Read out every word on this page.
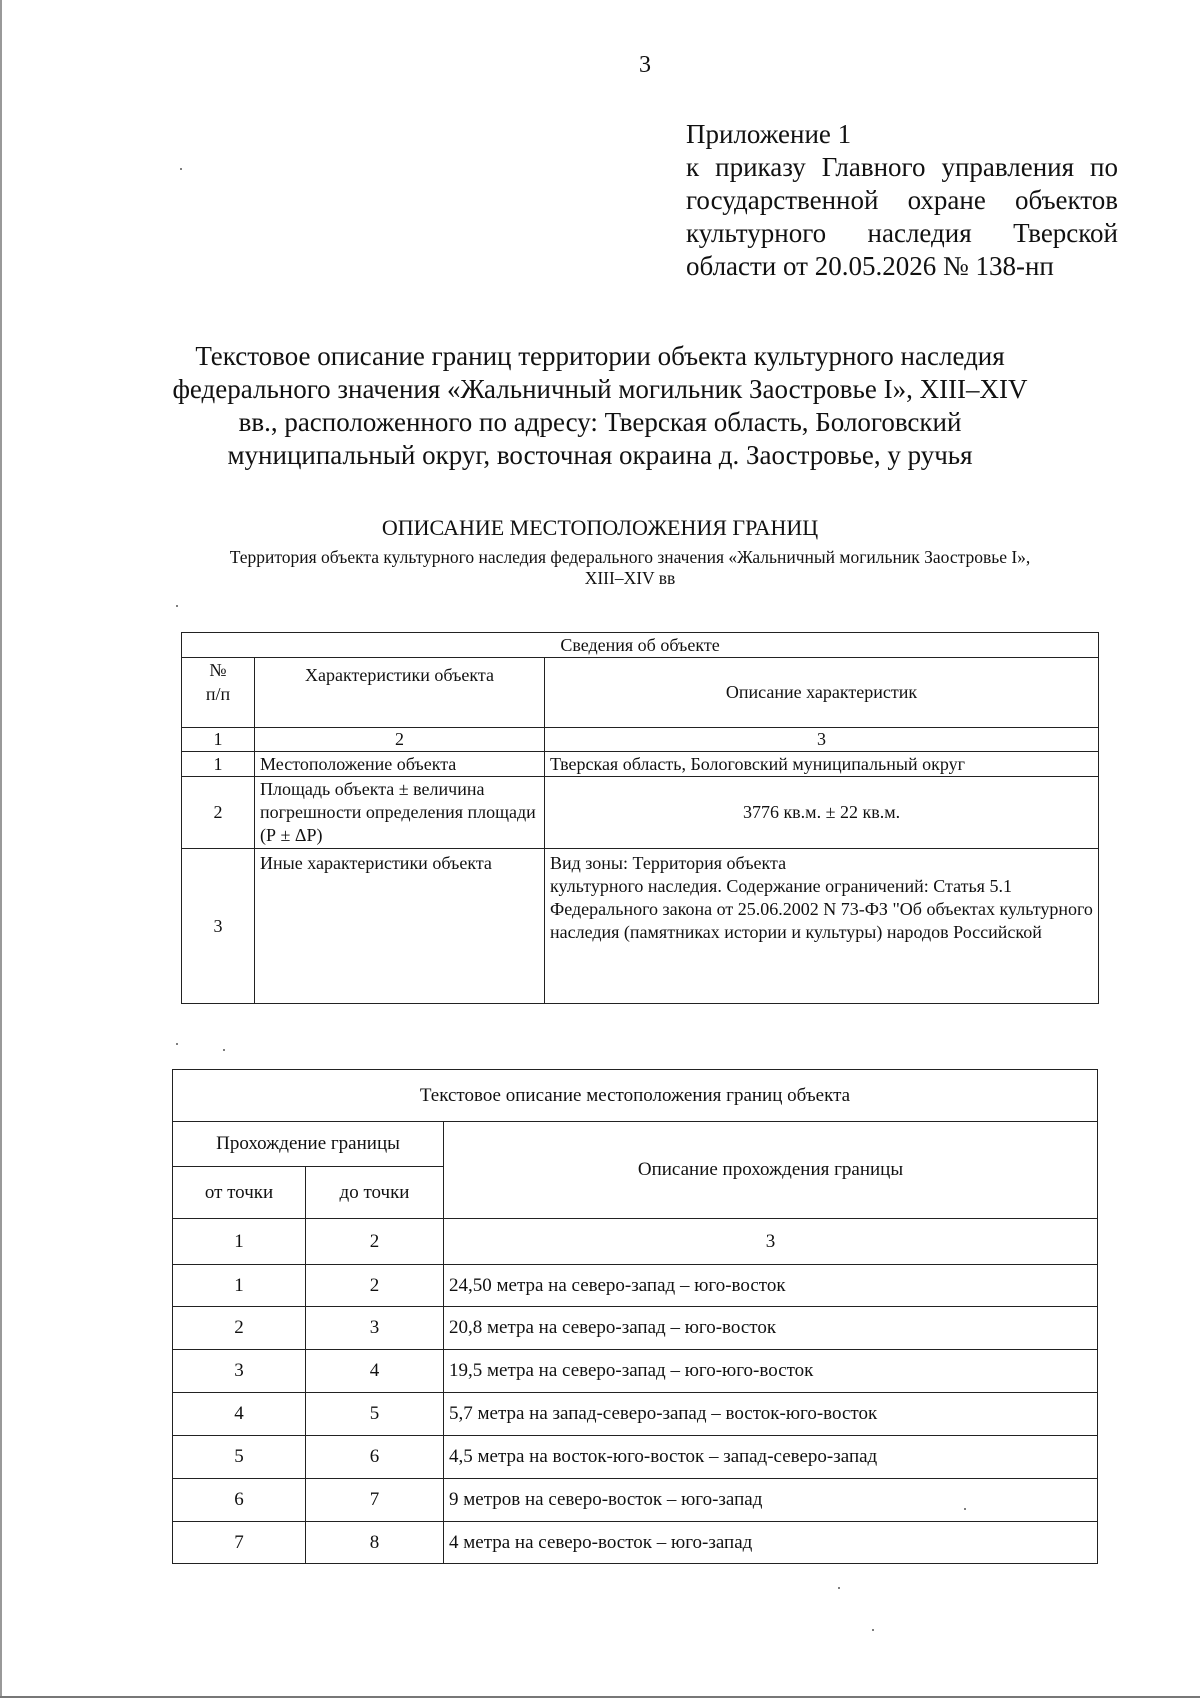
3
Приложение 1
к приказу Главного управления по
государственной охране объектов
культурного наследия Тверской
области от 20.05.2026 № 138-нп
Текстовое описание границ территории объекта культурного наследия
федерального значения «Жальничный могильник Заостровье I», XIII–XIV
вв., расположенного по адресу: Тверская область, Бологовский
муниципальный округ, восточная окраина д. Заостровье, у ручья
ОПИСАНИЕ МЕСТОПОЛОЖЕНИЯ ГРАНИЦ
Территория объекта культурного наследия федерального значения «Жальничный могильник Заостровье I»,
XIII–XIV вв
Сведения об объекте		

№ п/п	Характеристики объекта	Описание характеристик
1	2	3
1	Местоположение объекта	Тверская область, Бологовский муниципальный округ
2	Площадь объекта ± величина погрешности определения площади (Р ± ΔР)	3776 кв.м. ± 22 кв.м.
3	Иные характеристики объекта	Вид зоны: Территория объекта
культурного наследия. Содержание ограничений: Статья 5.1 Федерального закона от 25.06.2002 N 73-ФЗ "Об объектах культурного наследия (памятниках истории и культуры) народов Российской
Текстовое описание местоположения границ объекта		
Прохождение границы		Описание прохождения границы
от точки	до точки	
1	2	3
1	2	24,50 метра на северо-запад – юго-восток
2	3	20,8 метра на северо-запад – юго-восток
3	4	19,5 метра на северо-запад – юго-юго-восток
4	5	5,7 метра на запад-северо-запад – восток-юго-восток
5	6	4,5 метра на восток-юго-восток – запад-северо-запад
6	7	9 метров на северо-восток – юго-запад
7	8	4 метра на северо-восток – юго-запад
